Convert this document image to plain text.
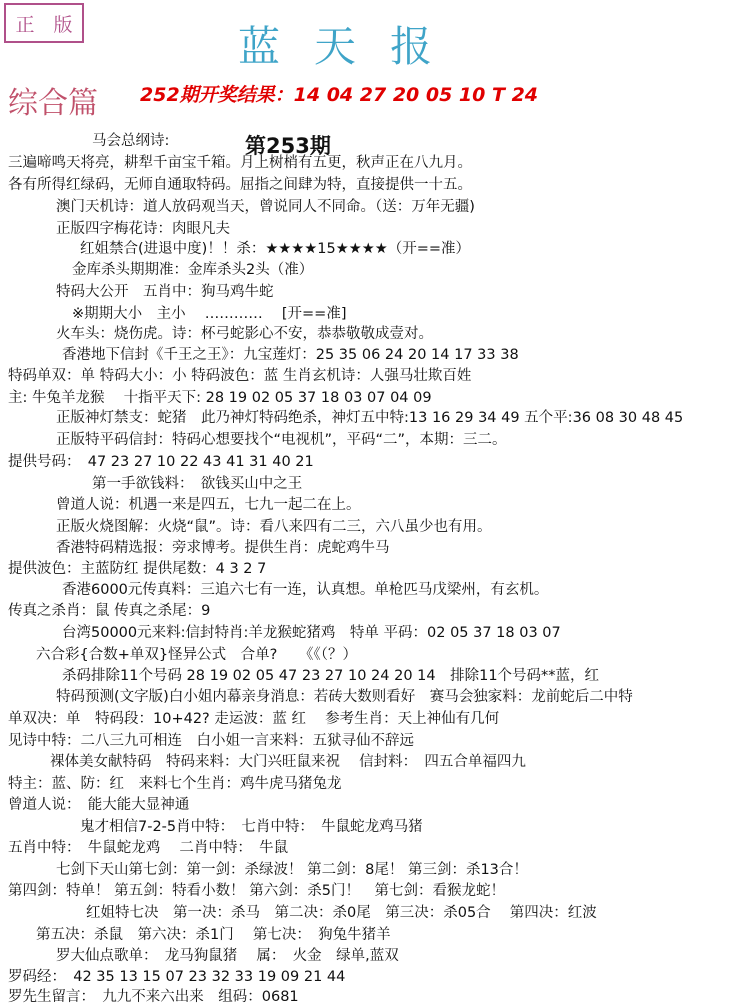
正 版	蓝天报
综合篇 252期开奖结果：14 04 27 20 05 10 T 24
第253期
马会总纲诗:
三遍啼鸣天将亮，耕犁千亩宝千箱。月上树梢有五更，秋声正在八九月。
各有所得红绿码，无师自通取特码。屈指之间肆为特，直接提供一十五。
澳门天机诗：道人放码观当天，曾说同人不同命。（送：万年无疆)
正版四字梅花诗：肉眼凡夫
红姐禁合(进退中度)！！杀：★★★★15★★★★（开==准）
金库杀头期期准：金库杀头2头（准）
特码大公开　五肖中：狗马鸡牛蛇
※期期大小　主小　 ………… 　[开==准]
火车头：烧伤虎。诗：杯弓蛇影心不安，恭恭敬敬成壹对。
香港地下信封《千王之王》：九宝莲灯：25 35 06 24 20 14 17 33 38
特码单双：单 特码大小：小 特码波色：蓝 生肖玄机诗：人强马壮欺百姓
主: 牛兔羊龙猴　 十指平天下: 28 19 02 05 37 18 03 07 04 09
正版神灯禁支：蛇猪　此乃神灯特码绝杀，神灯五中特:13 16 29 34 49 五个平:36 08 30 48 45
正版特平码信封：特码心想要找个“电视机”，平码“二”，本期：三二。
提供号码：　47 23 27 10 22 43 41 31 40 21
第一手欲钱料：　欲钱买山中之王
曾道人说：机遇一来是四五，七九一起二在上。
正版火烧图解：火烧“鼠”。诗：看八来四有二三，六八虽少也有用。
香港特码精选报：旁求博考。提供生肖：虎蛇鸡牛马
提供波色：主蓝防红 提供尾数：4 3 2 7
香港6000元传真料：三追六七有一连，认真想。单枪匹马戊梁州，有玄机。
传真之杀肖：鼠 传真之杀尾：9
台湾50000元来料:信封特肖:羊龙猴蛇猪鸡　特单 平码：02 05 37 18 03 07
六合彩{合数+单双}怪异公式　合单?　　《《（？）
杀码排除11个号码 28 19 02 05 47 23 27 10 24 20 14　排除11个号码**蓝，红
特码预测(文字版)白小姐内幕亲身消息：若砖大数则看好　赛马会独家料：龙前蛇后二中特
单双决：单　特码段：10+42? 走运波：蓝 红　 参考生肖：天上神仙有几何
见诗中特：二八三九可相连　白小姐一言来料：五狱寻仙不辞远
裸体美女献特码　特码来料：大门兴旺鼠来祝　 信封料：　四五合单福四九
特主：蓝、防：红　来料七个生肖：鸡牛虎马猪兔龙
曾道人说：　能大能大显神通
鬼才相信7-2-5肖中特：　七肖中特：　牛鼠蛇龙鸡马猪
五肖中特：　牛鼠蛇龙鸡　 二肖中特：　牛鼠
七剑下天山第七剑：第一剑：杀绿波！ 第二剑：8尾！ 第三剑：杀13合！
第四剑：特单！ 第五剑：特看小数！ 第六剑：杀5门！　第七剑：看猴龙蛇！
红姐特七决　第一决：杀马　第二决：杀0尾　第三决：杀05合　 第四决：红波
第五决：杀鼠　第六决：杀1门　 第七决：　狗兔牛猪羊
罗大仙点歌单：　龙马狗鼠猪　 属：　火金　绿单,蓝双
罗码经：　42 35 13 15 07 23 32 33 19 09 21 44
罗先生留言：　九九不来六出来　组码：0681
